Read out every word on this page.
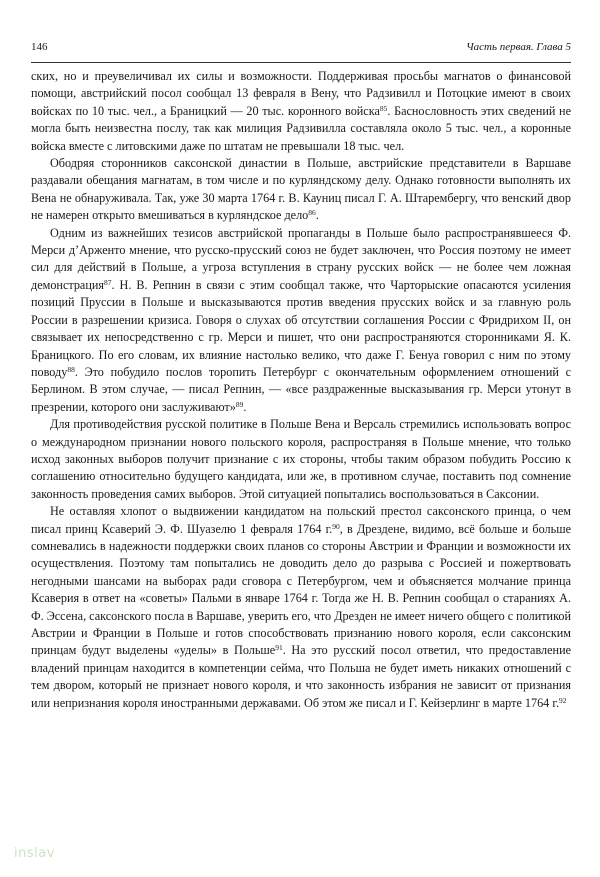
146	Часть первая. Глава 5

ских, но и преувеличивал их силы и возможности. Поддерживая просьбы магнатов о финансовой помощи, австрийский посол сообщал 13 февраля в Вену, что Радзивилл и Потоцкие имеют в своих войсках по 10 тыс. чел., а Браницкий — 20 тыс. коронного войска$^{85}$. Баснословность этих сведений не могла быть неизвестна послу, так как милиция Радзивилла составляла около 5 тыс. чел., а коронные войска вместе с литовскими даже по штатам не превышали 18 тыс. чел.

Ободряя сторонников саксонской династии в Польше, австрийские представители в Варшаве раздавали обещания магнатам, в том числе и по курляндскому делу. Однако готовности выполнять их Вена не обнаруживала. Так, уже 30 марта 1764 г. В. Кауниц писал Г. А. Штарембергу, что венский двор не намерен открыто вмешиваться в курляндское дело$^{86}$.

Одним из важнейших тезисов австрийской пропаганды в Польше было распространявшееся Ф. Мерси д’Арженто мнение, что русско-прусский союз не будет заключен, что Россия поэтому не имеет сил для действий в Польше, а угроза вступления в страну русских войск — не более чем ложная демонстрация$^{87}$. Н. В. Репнин в связи с этим сообщал также, что Чарторыские опасаются усиления позиций Пруссии в Польше и высказываются против введения прусских войск и за главную роль России в разрешении кризиса. Говоря о слухах об отсутствии соглашения России с Фридрихом II, он связывает их непосредственно с гр. Мерси и пишет, что они распространяются сторонниками Я. К. Браницкого. По его словам, их влияние настолько велико, что даже Г. Бенуа говорил с ним по этому поводу$^{88}$. Это побудило послов торопить Петербург с окончательным оформлением отношений с Берлином. В этом случае, — писал Репнин, — «все раздраженные высказывания гр. Мерси утонут в презрении, которого они заслуживают»$^{89}$.

Для противодействия русской политике в Польше Вена и Версаль стремились использовать вопрос о международном признании нового польского короля, распространяя в Польше мнение, что только исход законных выборов получит признание с их стороны, чтобы таким образом побудить Россию к соглашению относительно будущего кандидата, или же, в противном случае, поставить под сомнение законность проведения самих выборов. Этой ситуацией попытались воспользоваться в Саксонии.

Не оставляя хлопот о выдвижении кандидатом на польский престол саксонского принца, о чем писал принц Ксаверий Э. Ф. Шуазелю 1 февраля 1764 г.$^{90}$, в Дрездене, видимо, всё больше и больше сомневались в надежности поддержки своих планов со стороны Австрии и Франции и возможности их осуществления. Поэтому там попытались не доводить дело до разрыва с Россией и пожертвовать негодными шансами на выборах ради сговора с Петербургом, чем и объясняется молчание принца Ксаверия в ответ на «советы» Пальми в январе 1764 г. Тогда же Н. В. Репнин сообщал о стараниях А. Ф. Эссена, саксонского посла в Варшаве, уверить его, что Дрезден не имеет ничего общего с политикой Австрии и Франции в Польше и готов способствовать признанию нового короля, если саксонским принцам будут выделены «уделы» в Польше$^{91}$. На это русский посол ответил, что предоставление владений принцам находится в компетенции сейма, что Польша не будет иметь никаких отношений с тем двором, который не признает нового короля, и что законность избрания не зависит от признания или непризнания короля иностранными державами. Об этом же писал и Г. Кейзерлинг в марте 1764 г.$^{92}$

inslav
